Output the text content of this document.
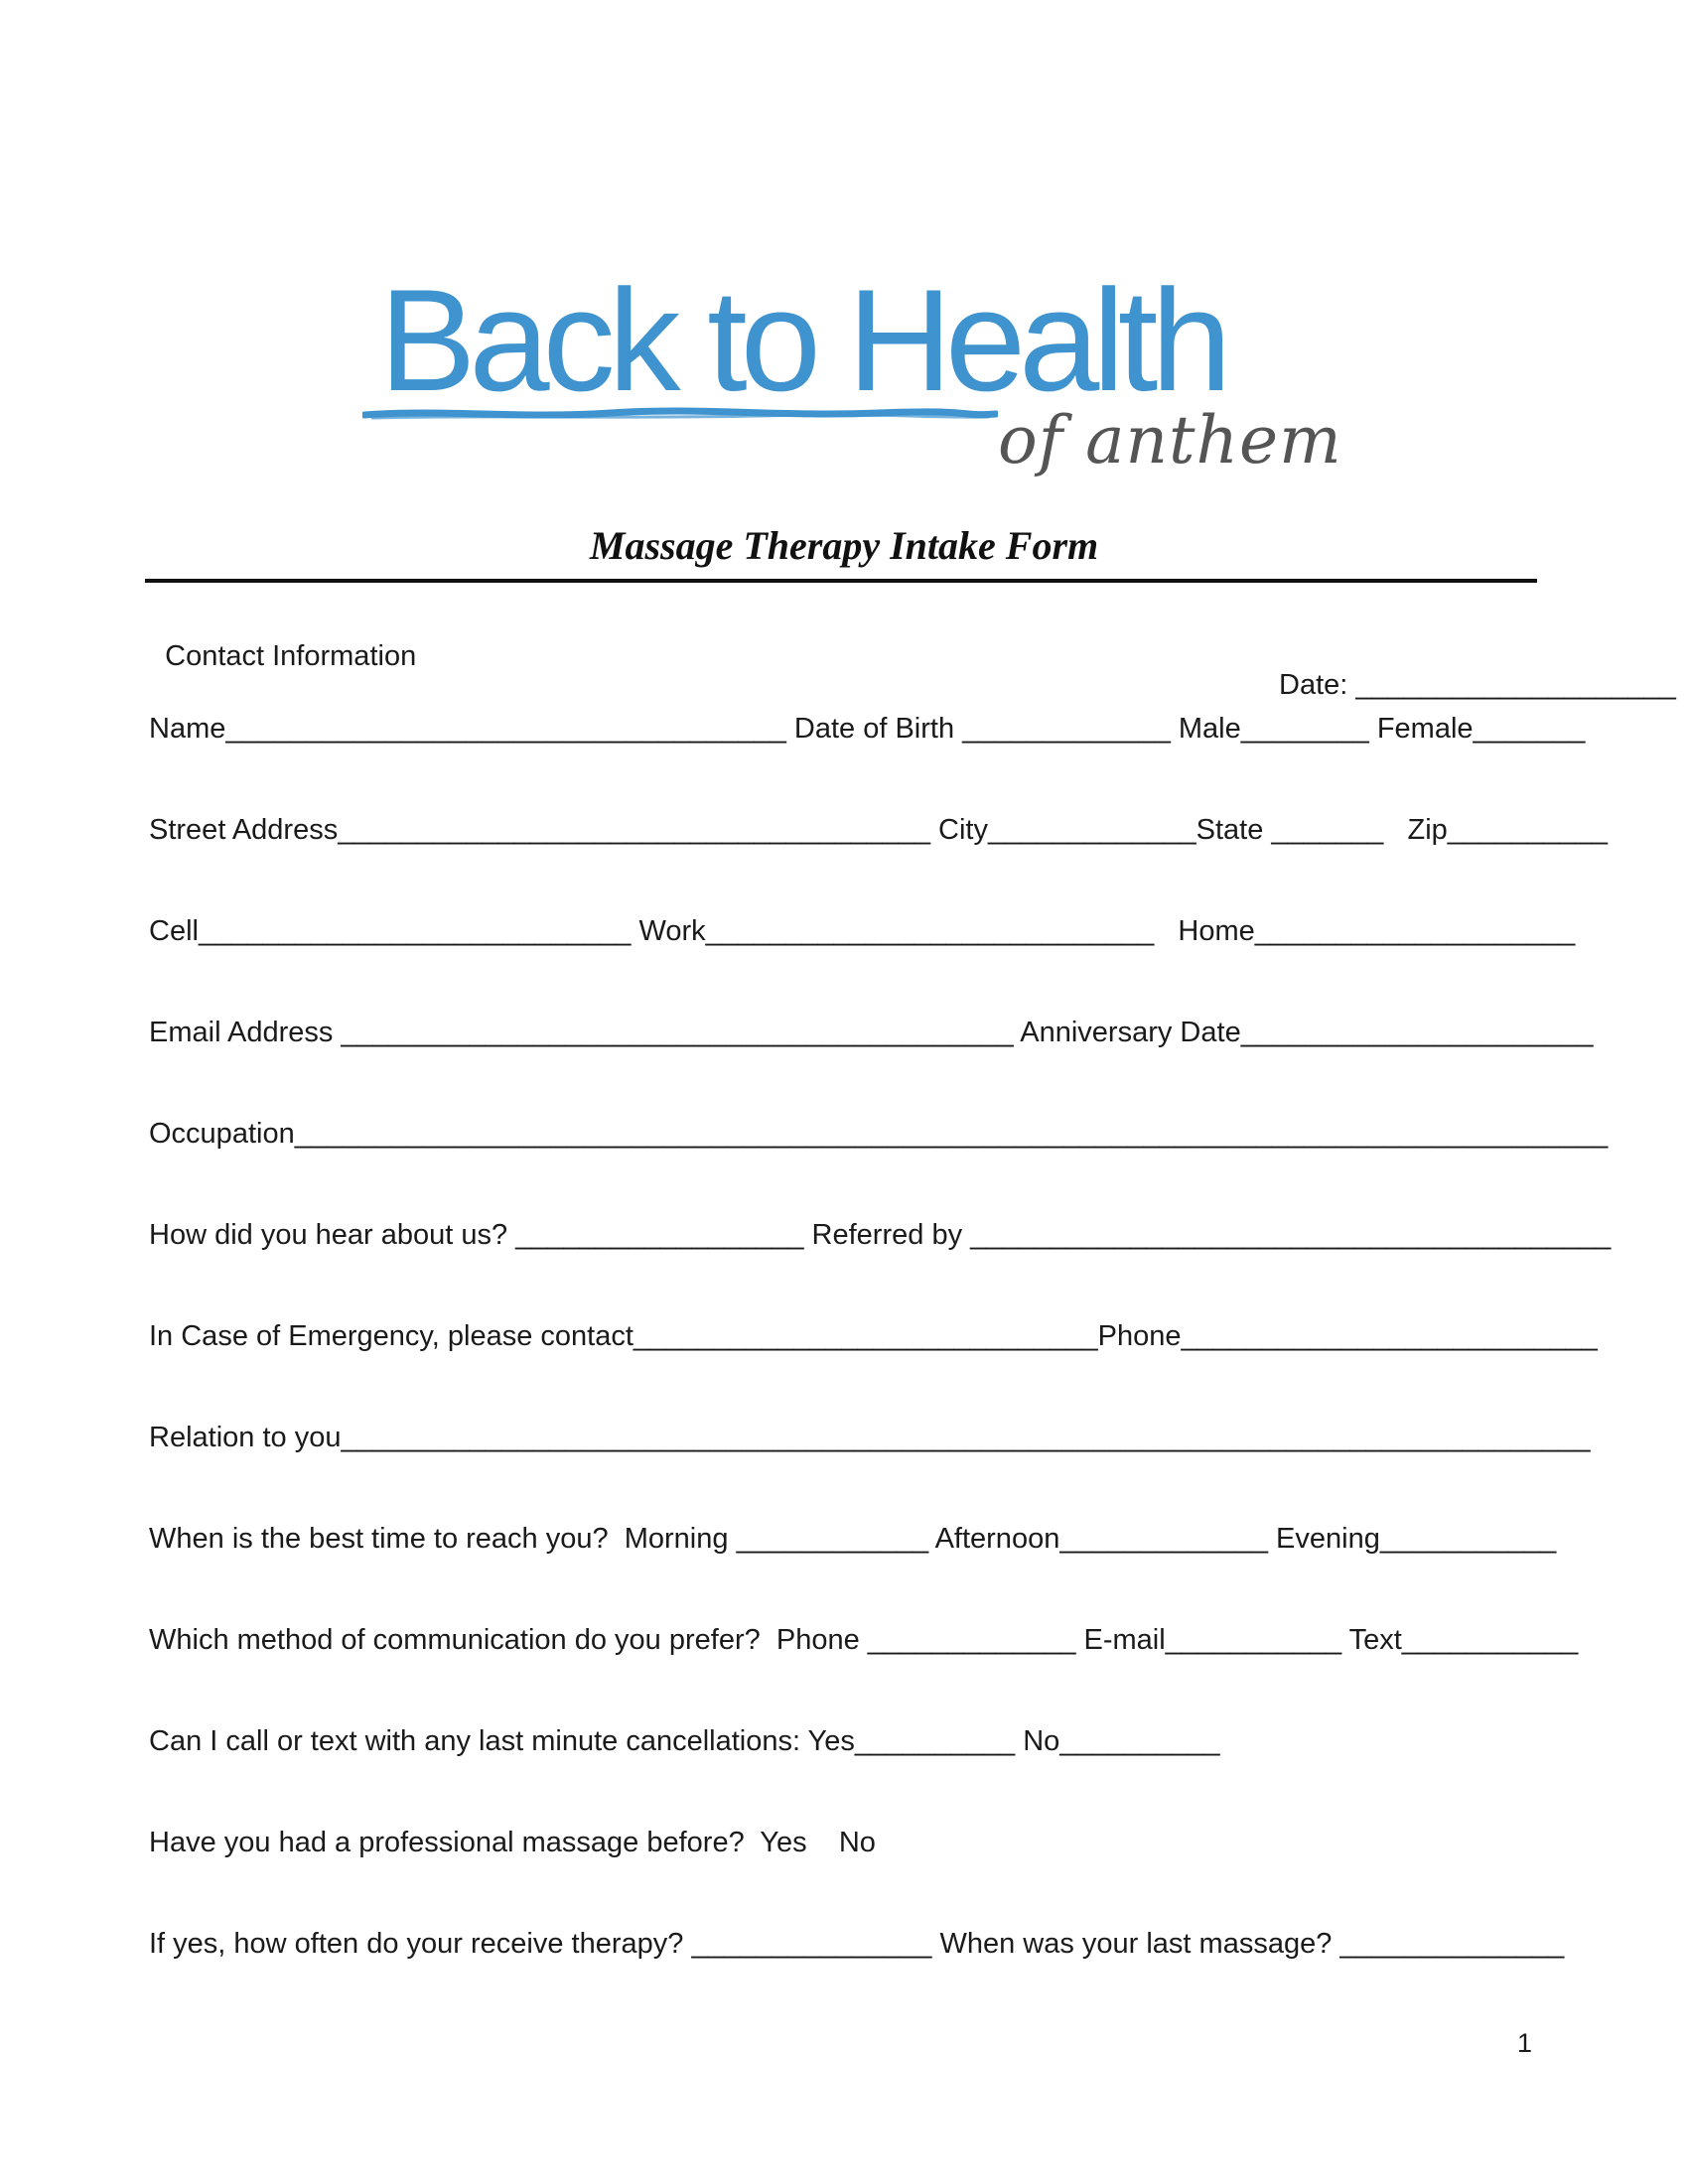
Back to Health
of anthem
Massage Therapy Intake Form

Contact Information

Date: ____________________

Name___________________________________ Date of Birth _____________ Male________ Female_______
Street Address_____________________________________ City_____________State _______   Zip__________
Cell___________________________ Work____________________________   Home____________________
Email Address __________________________________________ Anniversary Date______________________
Occupation__________________________________________________________________________________
How did you hear about us? __________________ Referred by ________________________________________
In Case of Emergency, please contact_____________________________Phone__________________________
Relation to you______________________________________________________________________________
When is the best time to reach you?  Morning ____________ Afternoon_____________ Evening___________
Which method of communication do you prefer?  Phone _____________ E-mail___________ Text___________
Can I call or text with any last minute cancellations: Yes__________ No__________
Have you had a professional massage before?  Yes    No
If yes, how often do your receive therapy? _______________ When was your last massage? ______________
1
